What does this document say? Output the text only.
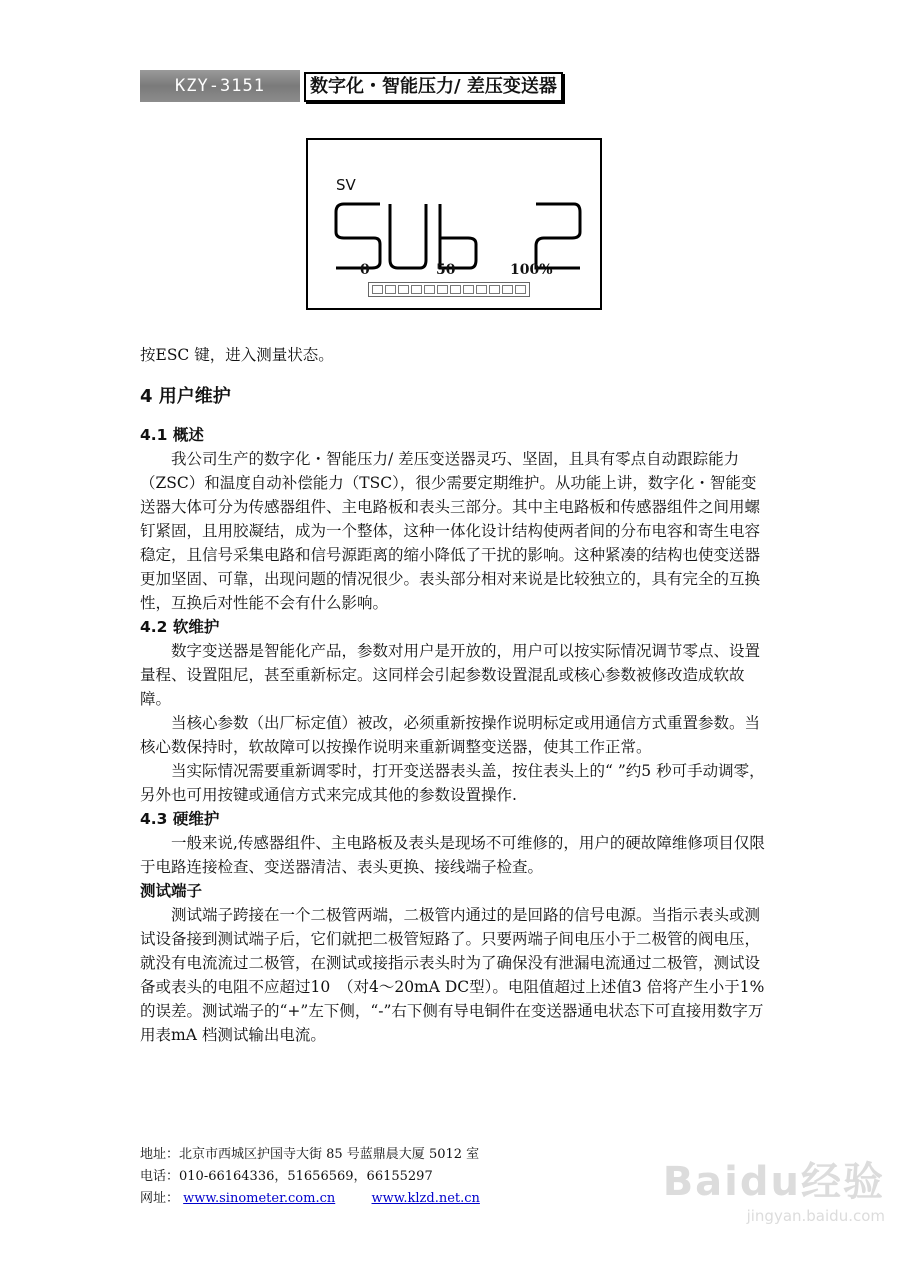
KZY-3151	数字化・智能压力/ 差压变送器
SV
0	50	100%

按ESC 键，进入测量状态。

4 用户维护

4.1 概述

我公司生产的数字化・智能压力/ 差压变送器灵巧、坚固，且具有零点自动跟踪能力（ZSC）和温度自动补偿能力（TSC），很少需要定期维护。从功能上讲，数字化・智能变送器大体可分为传感器组件、主电路板和表头三部分。其中主电路板和传感器组件之间用螺钉紧固，且用胶凝结，成为一个整体，这种一体化设计结构使两者间的分布电容和寄生电容稳定，且信号采集电路和信号源距离的缩小降低了干扰的影响。这种紧凑的结构也使变送器更加坚固、可靠，出现问题的情况很少。表头部分相对来说是比较独立的，具有完全的互换性，互换后对性能不会有什么影响。

4.2 软维护

数字变送器是智能化产品，参数对用户是开放的，用户可以按实际情况调节零点、设置量程、设置阻尼，甚至重新标定。这同样会引起参数设置混乱或核心参数被修改造成软故障。

当核心参数（出厂标定值）被改，必须重新按操作说明标定或用通信方式重置参数。当核心数保持时，软故障可以按操作说明来重新调整变送器，使其工作正常。

当实际情况需要重新调零时，打开变送器表头盖，按住表头上的“ ”约5 秒可手动调零，另外也可用按键或通信方式来完成其他的参数设置操作.

4.3 硬维护

一般来说,传感器组件、主电路板及表头是现场不可维修的，用户的硬故障维修项目仅限于电路连接检查、变送器清洁、表头更换、接线端子检查。

测试端子

测试端子跨接在一个二极管两端，二极管内通过的是回路的信号电源。当指示表头或测试设备接到测试端子后，它们就把二极管短路了。只要两端子间电压小于二极管的阀电压，就没有电流流过二极管，在测试或接指示表头时为了确保没有泄漏电流通过二极管，测试设备或表头的电阻不应超过10　（对4～20mA DC型）。电阻值超过上述值3 倍将产生小于1%的误差。测试端子的“+”左下侧，“-”右下侧有导电铜件在变送器通电状态下可直接用数字万用表mA 档测试输出电流。

地址：北京市西城区护国寺大街 85 号蓝鼎晨大厦 5012 室
电话：010-66164336，51656569，66155297
网址： www.sinometer.com.cn	www.klzd.net.cn	Baidu经验
jingyan.baidu.com
